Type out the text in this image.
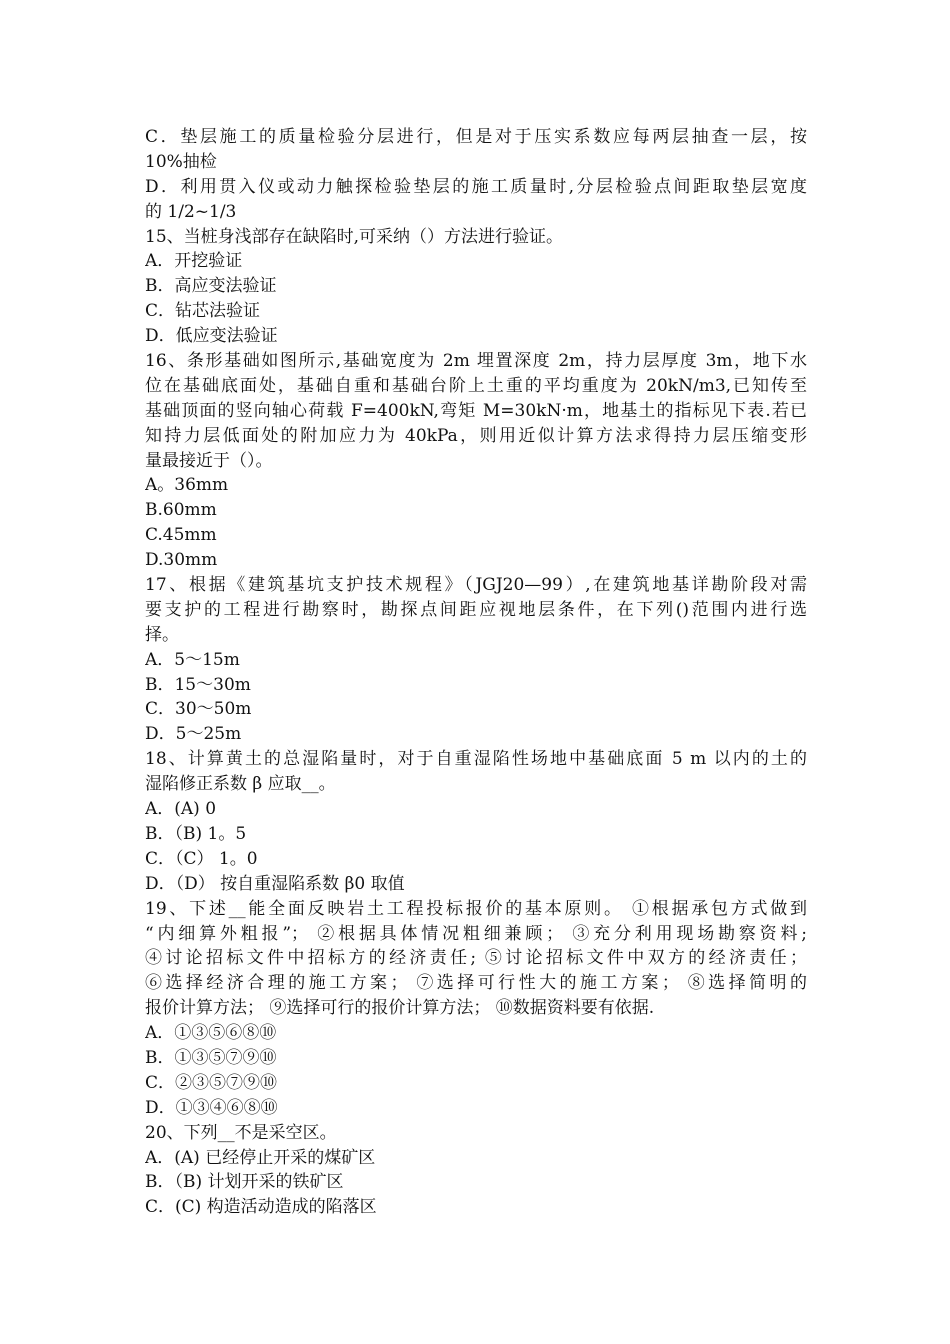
C．垫层施工的质量检验分层进行，但是对于压实系数应每两层抽查一层，按
10%抽检
D．利用贯入仪或动力触探检验垫层的施工质量时,分层检验点间距取垫层宽度
的 1/2~1/3
15、当桩身浅部存在缺陷时,可采纳（）方法进行验证。
A．开挖验证
B．高应变法验证
C．钻芯法验证
D．低应变法验证
16、条形基础如图所示,基础宽度为 2m 埋置深度 2m，持力层厚度 3m，地下水
位在基础底面处，基础自重和基础台阶上土重的平均重度为 20kN/m3,已知传至
基础顶面的竖向轴心荷载 F=400kN,弯矩 M=30kN·m，地基土的指标见下表.若已
知持力层低面处的附加应力为 40kPa，则用近似计算方法求得持力层压缩变形
量最接近于（）。
A。36mm
B.60mm
C.45mm
D.30mm
17、根据《建筑基坑支护技术规程》（JGJ20—99）,在建筑地基详勘阶段对需
要支护的工程进行勘察时，勘探点间距应视地层条件，在下列()范围内进行选
择。
A．5～15m
B．15～30m
C．30～50m
D．5～25m
18、计算黄土的总湿陷量时，对于自重湿陷性场地中基础底面 5 m 以内的土的
湿陷修正系数 β 应取__。
A．(A) 0
B．（B) 1。5
C．（C） 1。0
D．（D） 按自重湿陷系数 β0 取值
19、下述__能全面反映岩土工程投标报价的基本原则。 ①根据承包方式做到
“内细算外粗报”； ②根据具体情况粗细兼顾； ③充分利用现场勘察资料;
④讨论招标文件中招标方的经济责任; ⑤讨论招标文件中双方的经济责任；
⑥选择经济合理的施工方案； ⑦选择可行性大的施工方案； ⑧选择简明的
报价计算方法； ⑨选择可行的报价计算方法； ⑩数据资料要有依据.
A．①③⑤⑥⑧⑩
B．①③⑤⑦⑨⑩
C．②③⑤⑦⑨⑩
D．①③④⑥⑧⑩
20、下列__不是采空区。
A．(A) 已经停止开采的煤矿区
B．（B) 计划开采的铁矿区
C．(C) 构造活动造成的陷落区
